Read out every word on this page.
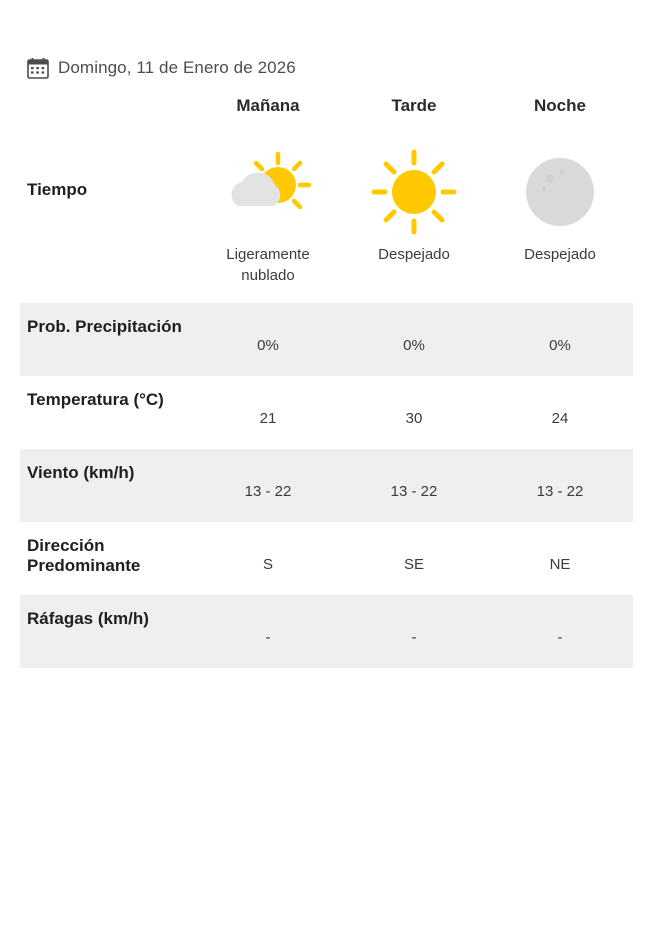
Domingo, 11 de Enero de 2026
	Mañana	Tarde	Noche
Tiempo	Ligeramente nublado	Despejado	Despejado

Prob. Precipitación	0%	0%	0%
Temperatura (°C)	21	30	24
Viento (km/h)	13 - 22	13 - 22	13 - 22
Dirección Predominante	S	SE	NE
Ráfagas (km/h)	-	-	-
